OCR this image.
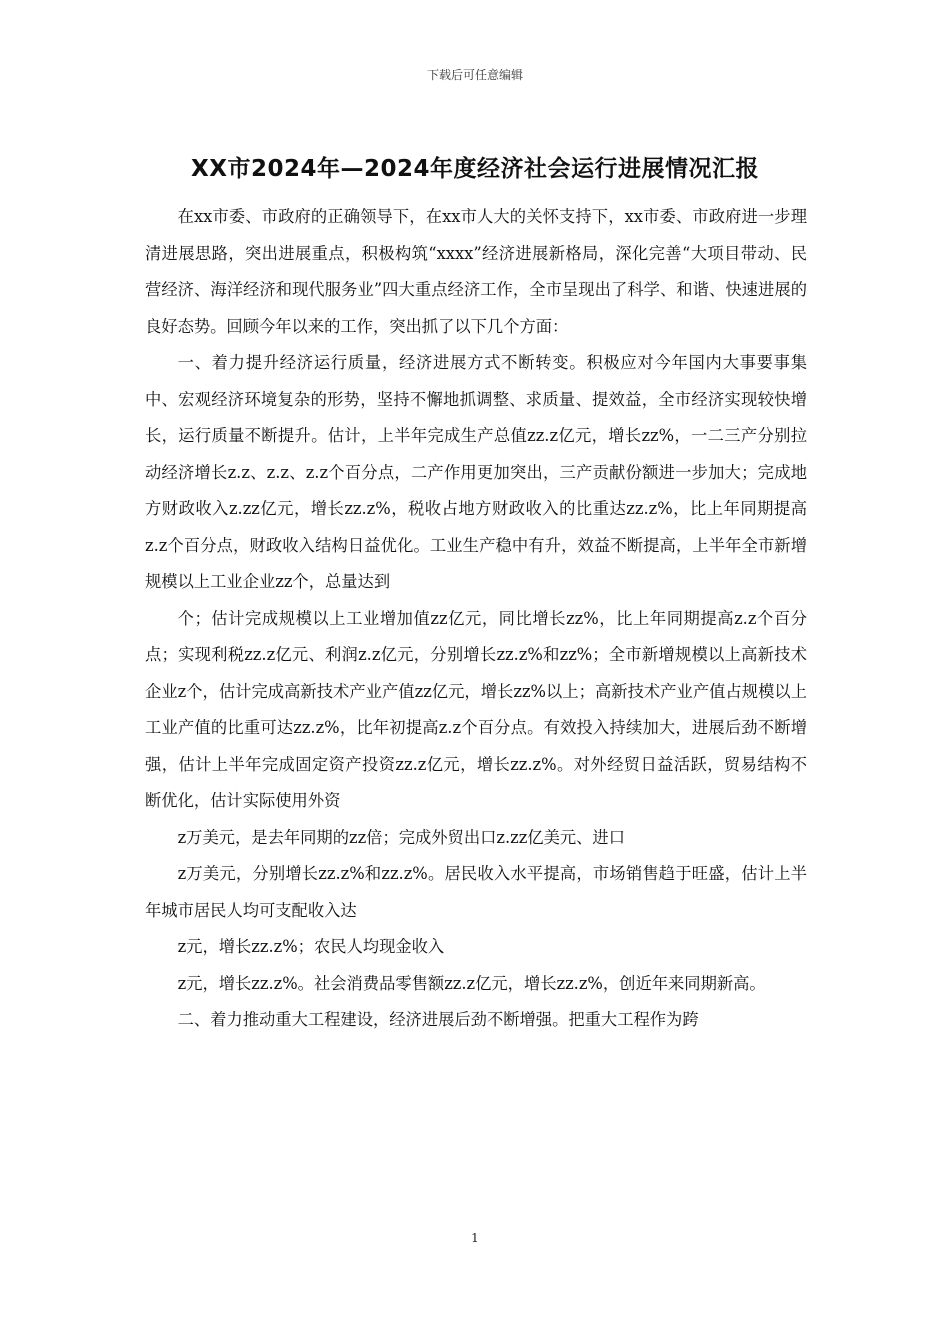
下载后可任意编辑
XX市2024年—2024年度经济社会运行进展情况汇报

在xx市委、市政府的正确领导下，在xx市人大的关怀支持下，xx市委、市政府进一步理清进展思路，突出进展重点，积极构筑“xxxx”经济进展新格局，深化完善“大项目带动、民营经济、海洋经济和现代服务业”四大重点经济工作，全市呈现出了科学、和谐、快速进展的良好态势。回顾今年以来的工作，突出抓了以下几个方面：

一、着力提升经济运行质量，经济进展方式不断转变。积极应对今年国内大事要事集中、宏观经济环境复杂的形势，坚持不懈地抓调整、求质量、提效益，全市经济实现较快增长，运行质量不断提升。估计，上半年完成生产总值zz.z亿元，增长zz%，一二三产分别拉动经济增长z.z、z.z、z.z个百分点，二产作用更加突出，三产贡献份额进一步加大；完成地方财政收入z.zz亿元，增长zz.z%，税收占地方财政收入的比重达zz.z%，比上年同期提高z.z个百分点，财政收入结构日益优化。工业生产稳中有升，效益不断提高，上半年全市新增规模以上工业企业zz个，总量达到

个；估计完成规模以上工业增加值zz亿元，同比增长zz%，比上年同期提高z.z个百分点；实现利税zz.z亿元、利润z.z亿元，分别增长zz.z%和zz%；全市新增规模以上高新技术企业z个，估计完成高新技术产业产值zz亿元，增长zz%以上；高新技术产业产值占规模以上工业产值的比重可达zz.z%，比年初提高z.z个百分点。有效投入持续加大，进展后劲不断增强，估计上半年完成固定资产投资zz.z亿元，增长zz.z%。对外经贸日益活跃，贸易结构不断优化，估计实际使用外资

z万美元，是去年同期的zz倍；完成外贸出口z.zz亿美元、进口

z万美元，分别增长zz.z%和zz.z%。居民收入水平提高，市场销售趋于旺盛，估计上半年城市居民人均可支配收入达

z元，增长zz.z%；农民人均现金收入

z元，增长zz.z%。社会消费品零售额zz.z亿元，增长zz.z%，创近年来同期新高。

二、着力推动重大工程建设，经济进展后劲不断增强。把重大工程作为跨

1
